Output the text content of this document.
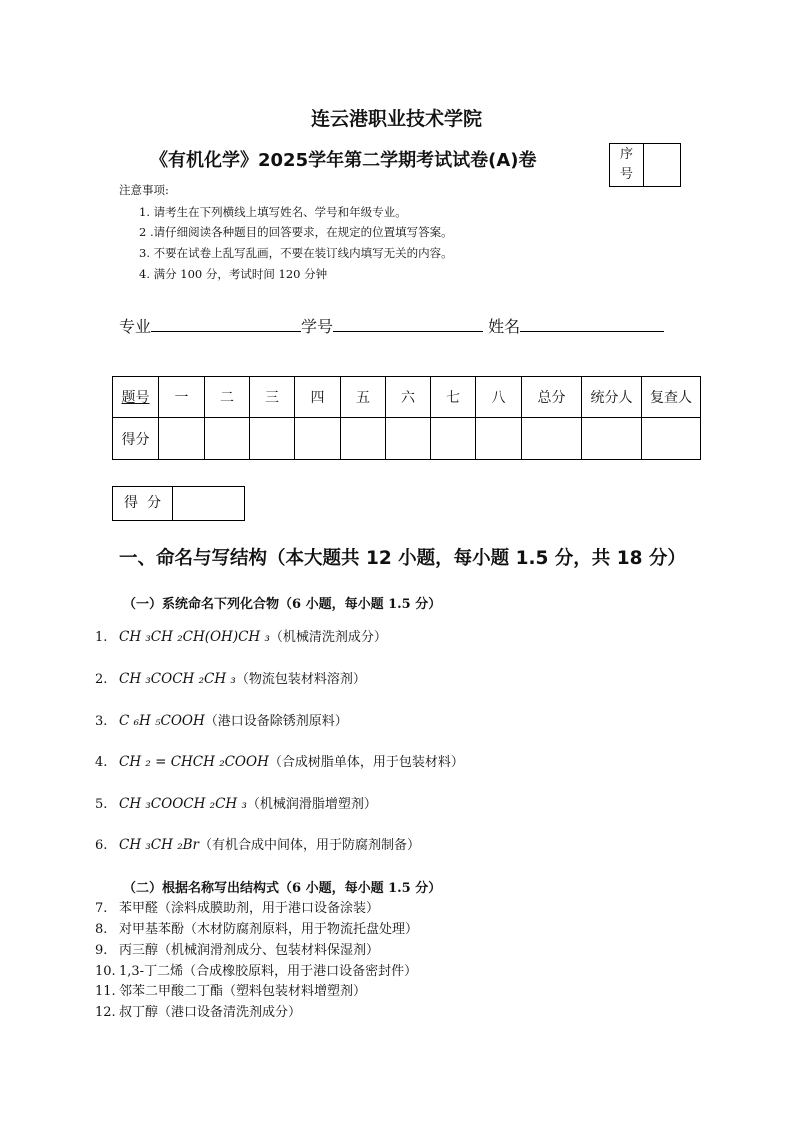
连云港职业技术学院
《有机化学》2025学年第二学期考试试卷(A)卷	序
号
注意事项:
1. 请考生在下列横线上填写姓名、学号和年级专业。
2 .请仔细阅读各种题目的回答要求，在规定的位置填写答案。
3. 不要在试卷上乱写乱画，不要在装订线内填写无关的内容。
4. 满分 100 分，考试时间 120 分钟
专业	学号	姓名
题号	一	二	三	四	五	六	七	八	总分	统分人	复查人
得分											
得  分
一、命名与写结构（本大题共 12 小题，每小题 1.5 分，共 18 分）
（一）系统命名下列化合物（6 小题，每小题 1.5 分）
1. CH ₃CH ₂CH(OH)CH ₃（机械清洗剂成分）
2. CH ₃COCH ₂CH ₃（物流包装材料溶剂）
3. C ₆H ₅COOH（港口设备除锈剂原料）
4. CH ₂ = CHCH ₂COOH（合成树脂单体，用于包装材料）
5. CH ₃COOCH ₂CH ₃（机械润滑脂增塑剂）
6. CH ₃CH ₂Br（有机合成中间体，用于防腐剂制备）
（二）根据名称写出结构式（6 小题，每小题 1.5 分）
7. 苯甲醛（涂料成膜助剂，用于港口设备涂装）
8. 对甲基苯酚（木材防腐剂原料，用于物流托盘处理）
9. 丙三醇（机械润滑剂成分、包装材料保湿剂）
10. 1,3-丁二烯（合成橡胶原料，用于港口设备密封件）
11. 邻苯二甲酸二丁酯（塑料包装材料增塑剂）
12. 叔丁醇（港口设备清洗剂成分）
